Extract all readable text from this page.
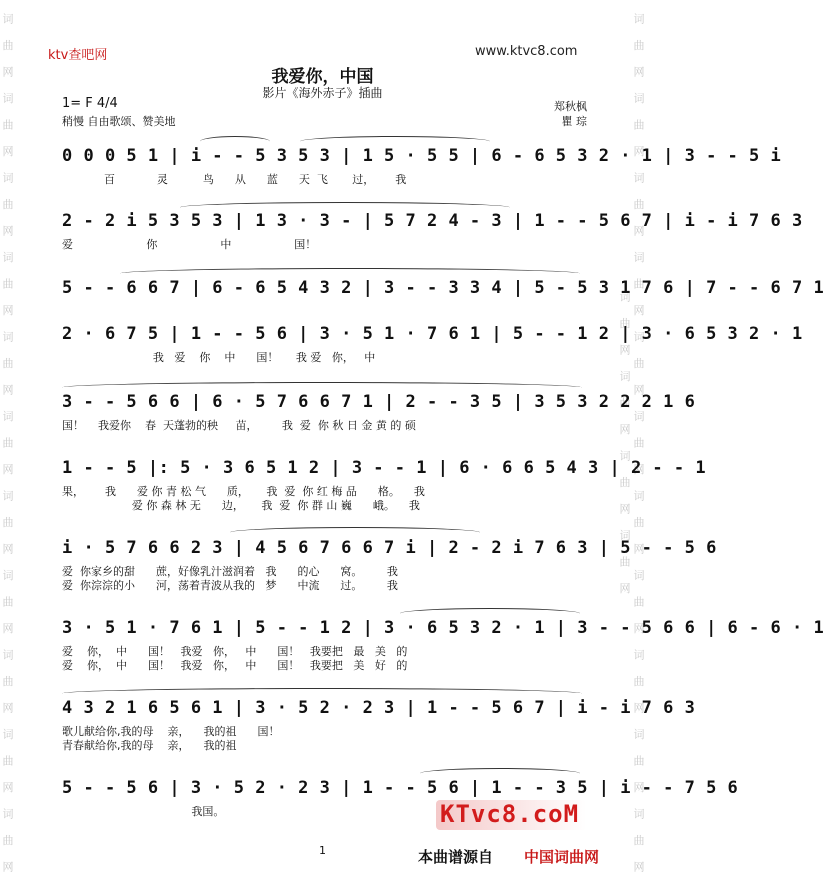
词 曲 网 词 曲 网 词 曲 网 词 曲 网 词 曲 网 词 曲 网 词 曲 网 词 曲 网 词 曲 网 词 曲 网 词 曲 网	词 曲 网 词 曲 网 词 曲 网 词 曲 网 词 曲 网 词 曲 网 词 曲 网 词 曲 网 词 曲 网 词 曲 网 词 曲 网 词 曲 网 词 曲 网 词 曲 网 词 曲 网
ktv查吧网	www.ktvc8.com
我爱你，中国
影片《海外赤子》插曲
1= F 4/4
稍慢 自由歌颂、赞美地
郑秋枫
瞿 琮
0 0 0 5 1 | i - - 5 3 5 3 | 1 5 · 5 5 | 6 - 6 5 3 2 · 1 | 3 - - 5 i
百            灵          鸟      从      蓝      天  飞       过，      我
2 - 2 i 5 3 5 3 | 1 3 · 3 - | 5 7 2 4 - 3 | 1 - - 5 6 7 | i - i 7 6 3
爱                     你                  中                  国！
5 - - 6 6 7 | 6 - 6 5 4 3 2 | 3 - - 3 3 4 | 5 - 5 3 1 7 6 | 7 - - 6 7 1
2 · 6 7 5 | 1 - - 5 6 | 3 · 5 1 · 7 6 1 | 5 - - 1 2 | 3 · 6 5 3 2 · 1
我   爱    你    中      国！     我 爱   你，   中
3 - - 5 6 6 | 6 · 5 7 6 6 7 1 | 2 - - 3 5 | 3 5 3 2 2 2 1 6
国！    我爱你    春  天蓬勃的秧     苗，       我  爱  你 秋 日 金 黄 的 硕
1 - - 5 |: 5 · 3 6 5 1 2 | 3 - - 1 | 6 · 6 6 5 4 3 | 2 - - 1
果，      我      爱 你 青 松 气      质，     我  爱  你 红 梅 品      格。    我
爱 你 森 林 无      边，     我  爱  你 群 山 巍      峨。    我
i · 5 7 6 6 2 3 | 4 5 6 7 6 6 7 i | 2 - 2 i 7 6 3 | 5 - - 5 6
爱  你家乡的甜      蔗，好像乳汁滋润着   我      的心      窝。       我
爱  你淙淙的小      河，荡着青波从我的   梦      中流      过。       我
3 · 5 1 · 7 6 1 | 5 - - 1 2 | 3 · 6 5 3 2 · 1 | 3 - - 5 6 6 | 6 - 6 · 1
爱    你，  中      国！   我爱   你，   中      国！   我要把   最   美   的
爱    你，  中      国！   我爱   你，   中      国！   我要把   美   好   的
4 3 2 1 6 5 6 1 | 3 · 5 2 · 2 3 | 1 - - 5 6 7 | i - i 7 6 3
歌儿献给你,我的母    亲，    我的祖      国！
青春献给你,我的母    亲，    我的祖
5 - - 5 6 | 3 · 5 2 · 2 3 | 1 - - 5 6 | 1 - - 3 5 | i - - 7 5 6
我国。	KTvc8.coM
1	本曲谱源自 中国词曲网
